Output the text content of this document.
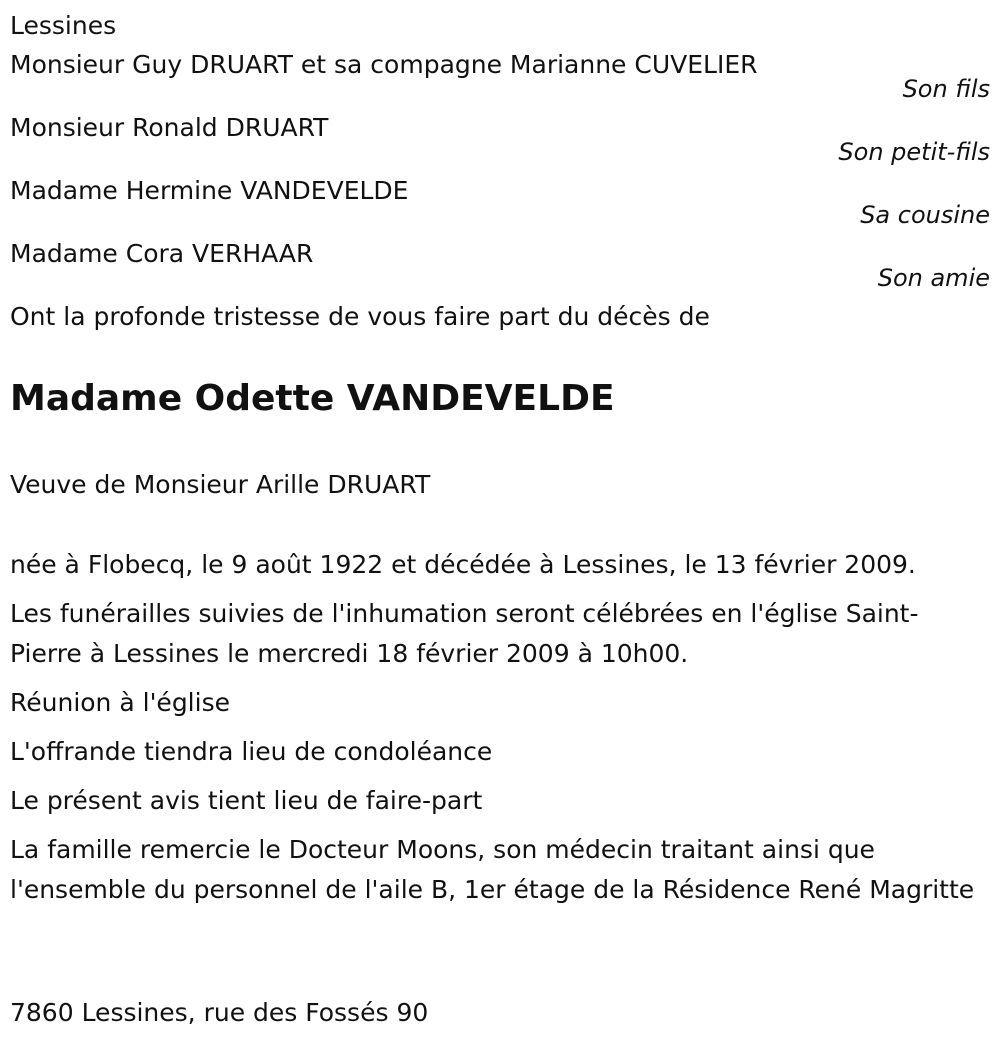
Lessines
Monsieur Guy DRUART et sa compagne Marianne CUVELIER
Son fils
Monsieur Ronald DRUART
Son petit-fils
Madame Hermine VANDEVELDE
Sa cousine
Madame Cora VERHAAR
Son amie
Ont la profonde tristesse de vous faire part du décès de
Madame Odette VANDEVELDE
Veuve de Monsieur Arille DRUART

née à Flobecq, le 9 août 1922 et décédée à Lessines, le 13 février 2009.

Les funérailles suivies de l'inhumation seront célébrées en l'église Saint-Pierre à Lessines le mercredi 18 février 2009 à 10h00.

Réunion à l'église

L'offrande tiendra lieu de condoléance

Le présent avis tient lieu de faire-part

La famille remercie le Docteur Moons, son médecin traitant ainsi que l'ensemble du personnel de l'aile B, 1er étage de la Résidence René Magritte

7860 Lessines, rue des Fossés 90
